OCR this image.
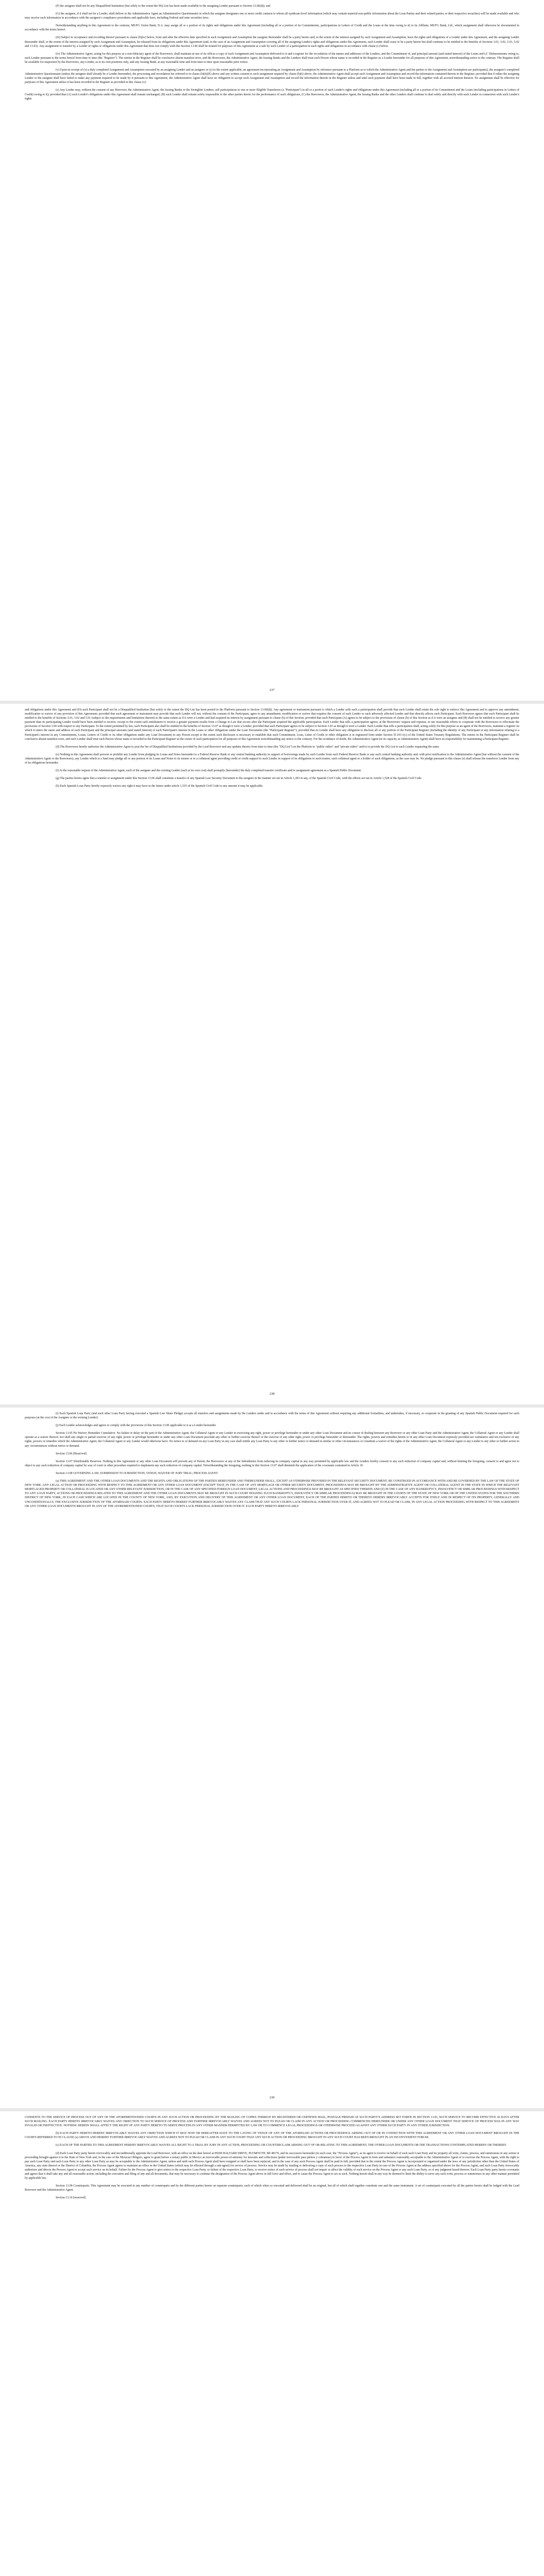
(F) the assignee shall not be any Disqualified Institution (but solely to the extent the DQ List has been made available to the assigning Lender pursuant to Section 13.06(d)); and

(G) the assignee, if it shall not be a Lender, shall deliver to the Administrative Agent an Administrative Questionnaire in which the assignee designates one or more credit contacts to whom all syndicate-level information (which may contain material non-public information about the Loan Parties and their related parties or their respective securities) will be made available and who may receive such information in accordance with the assignee's compliance procedures and applicable laws, including Federal and state securities laws.

Notwithstanding anything in this Agreement to the contrary, MUFG Union Bank, N.A. may assign all or a portion of its rights and obligations under this Agreement (including all or a portion of its Commitments, participations in Letters of Credit and the Loans at the time owing to it) to its Affiliate, MUFG Bank, Ltd., which assignment shall otherwise be documented in accordance with the terms hereof.

(iii) Subject to acceptance and recording thereof pursuant to clause (b)(iv) below, from and after the effective date specified in each Assignment and Assumption the assignee thereunder shall be a party hereto and, to the extent of the interest assigned by such Assignment and Assumption, have the rights and obligations of a Lender under this Agreement, and the assigning Lender thereunder shall, to the extent of the interest assigned by such Assignment and Assumption, be released from its obligations under this Agreement (and, in the case of an Assignment and Assumption covering all of the assigning Lender's rights and obligations under this Agreement, such Lender shall cease to be a party hereto but shall continue to be entitled to the benefits of Sections 3.01, 3.02, 5.01, 5.02 and 13.03). Any assignment or transfer by a Lender of rights or obligations under this Agreement that does not comply with this Section 13.06 shall be treated for purposes of this Agreement as a sale by such Lender of a participation in such rights and obligations in accordance with clause (c) below.

(iv) The Administrative Agent, acting for this purpose as a non-fiduciary agent of the Borrowers, shall maintain at one of its offices a copy of each Assignment and Assumption delivered to it and a register for the recordation of the names and addresses of the Lenders, and the Commitment of, and principal amount (and stated interest) of the Loans and LC Disbursements owing to, each Lender pursuant to the terms hereof from time to time (the "Register"). The entries in the Register shall be conclusive absent manifest error, and the Borrowers, the Administrative Agent, the Issuing Banks and the Lenders shall treat each Person whose name is recorded in the Register as a Lender hereunder for all purposes of this Agreement, notwithstanding notice to the contrary. The Register shall be available for inspection by the Borrowers, any Lender, as to its own positions only, and any Issuing Bank, at any reasonable time and from time to time upon reasonable prior notice.

(v) Upon its receipt of (x) a duly completed Assignment and Assumption executed by an assigning Lender and an assignee or (y) to the extent applicable, an agreement incorporating an Assignment and Assumption by reference pursuant to a Platform as to which the Administrative Agent and the parties to the Assignment and Assumption are participants), the assignee's completed Administrative Questionnaire (unless the assignee shall already be a Lender hereunder), the processing and recordation fee referred to in clause (b)(ii)(E) above and any written consent to such assignment required by clause (b)(i) above, the Administrative Agent shall accept such Assignment and Assumption and record the information contained therein in the Register; provided that if either the assigning Lender or the assignee shall have failed to make any payment required to be made by it pursuant to this Agreement, the Administrative Agent shall have no obligation to accept such Assignment and Assumption and record the information therein in the Register unless and until such payment shall have been made in full, together with all accrued interest thereon. No assignment shall be effective for purposes of this Agreement unless it has been recorded in the Register as provided in this clause (v).

(c) Any Lender may, without the consent of any Borrower, the Administrative Agent, the Issuing Banks or the Swingline Lenders, sell participations to one or more Eligible Transferees (a "Participant") in all or a portion of such Lender's rights and obligations under this Agreement (including all or a portion of its Commitment and the Loans (including participations in Letters of Credit) owing to it); provided that (A) such Lender's obligations under this Agreement shall remain unchanged, (B) such Lender shall remain solely responsible to the other parties hereto for the performance of such obligations, (C) the Borrowers, the Administrative Agent, the Issuing Banks and the other Lenders shall continue to deal solely and directly with such Lender in connection with such Lender's rights

237

and obligations under this Agreement and (D) such Participant shall not be a Disqualified Institution (but solely to the extent the DQ List has been posted to the Platform pursuant to Section 13.06(d)). Any agreement or instrument pursuant to which a Lender sells such a participation shall provide that such Lender shall retain the sole right to enforce this Agreement and to approve any amendment, modification or waiver of any provision of this Agreement; provided that such agreement or instrument may provide that such Lender will not, without the consent of the Participant, agree to any amendment, modification or waiver that requires the consent of each Lender or each adversely affected Lender and that directly affects such Participant. Each Borrower agrees that each Participant shall be entitled to the benefits of Sections 3.01, 3.02 and 5.01 (subject to the requirements and limitations therein) to the same extent as if it were a Lender and had acquired its interest by assignment pursuant to clause (b) of this Section; provided that such Participant (A) agrees to be subject to the provisions of clause (b) of this Section as if it were an assignee and (B) shall not be entitled to receive any greater payment than its participating Lender would have been entitled to receive, except to the extent such entitlement to receive a greater payment results from a Change in Law that occurs after the Participant acquired the applicable participation. Each Lender that sells a participation agrees, at the Borrowers' request and expense, to use reasonable efforts to cooperate with the Borrowers to effectuate the provisions of Section 3.04 with respect to any Participant. To the extent permitted by law, each Participant also shall be entitled to the benefits of Section 13.07 as though it were a Lender; provided that such Participant agrees to be subject to Section 3.03 as though it were a Lender. Each Lender that sells a participation shall, acting solely for this purpose as an agent of the Borrowers, maintain a register on which it enters the name and address of each Participant and the principal amounts (and stated interest) of each Participant's interest in the Loans or other obligations under the Loan Documents (the "Participant Register"); provided that no Lender shall have any obligation to disclose all or any portion of the Participant Register (including the identity of any Participant or any information relating to a Participant's interest in any Commitments, Loans, Letters of Credit or its other obligations under any Loan Document) to any Person except to the extent such disclosure is necessary to establish that such Commitment, Loan, Letter of Credit or other obligation is in registered form under Section 5f.103-1(c) of the United States Treasury Regulations. The entries in the Participant Register shall be conclusive absent manifest error, and such Lender shall treat each Person whose name is recorded in the Participant Register as the owner of such participation for all purposes of this Agreement notwithstanding any notice to the contrary. For the avoidance of doubt, the Administrative Agent (in its capacity as Administrative Agent) shall have no responsibility for maintaining a Participant Register.

(d) The Borrowers hereby authorize the Administrative Agent to post the list of Disqualified Institutions provided by the Lead Borrower and any updates thereto from time to time (the "DQ List") on the Platform to "public siders" and "private siders" and/or to provide the DQ List to each Lender requesting the same.

(e) Nothing in this Agreement shall prevent or prohibit any Lender from pledging its Loans and Notes hereunder to a Federal Reserve Bank or any central banking authority in support of borrowings made by such Lender from such Federal Reserve Bank or any such central banking authority and, with prior notification to the Administrative Agent (but without the consent of the Administrative Agent or the Borrowers), any Lender which is a fund may pledge all or any portion of its Loans and Notes to its trustee or to a collateral agent providing credit or credit support to such Lender in support of its obligations to such trustee, such collateral agent or a holder of such obligations, as the case may be. No pledge pursuant to this clause (e) shall release the transferor Lender from any of its obligations hereunder.

(f) At the reasonable request of the Administrative Agent, each of the assignee and the existing Lender (each at its own cost) shall promptly (hereunder) the duly completed transfer certificate and/or assignment agreement as a Spanish Public Document.

(g) The parties hereto agree that a transfer or assignment under this Section 13.06 shall constitute a transfer of any Spanish Law Security Document to the assignee in the manner set out in Article 1,203 et seq. of the Spanish Civil Code, with the effects set out in Article 1,528 of the Spanish Civil Code.

(h) Each Spanish Loan Party hereby expressly waives any right it may have in the future under article 1,535 of the Spanish Civil Code to any amount it may be applicable.

238

(i) Each Spanish Loan Party (and each other Loan Party having executed a Spanish Law Share Pledge) accepts all transfers and assignments made by the Lenders under and in accordance with the terms of this Agreement without requiring any additional formalities, and undertakes, if necessary, to cooperate in the granting of any Spanish Public Document required for such purposes (at the cost of the Assignee or the existing Lender).

(j) Each Lender acknowledges and agrees to comply with the provisions of this Section 13.06 applicable to it as a Lender hereunder.

Section 13.05 No Waiver; Remedies Cumulative. No failure or delay on the part of the Administrative Agent, the Collateral Agent or any Lender in exercising any right, power or privilege hereunder or under any other Loan Document and no course of dealing between any Borrower or any other Loan Party and the Administrative Agent, the Collateral Agent or any Lender shall operate as a waiver thereof; nor shall any single or partial exercise of any right, power or privilege hereunder or under any other Loan Document preclude any other or further exercise thereof or the exercise of any other right, power or privilege hereunder or thereunder. The rights, powers and remedies herein or in any other Loan Document expressly provided are cumulative and not exclusive of any rights, powers or remedies which the Administrative Agent, the Collateral Agent or any Lender would otherwise have. No notice to or demand on any Loan Party in any case shall entitle any Loan Party to any other or further notice or demand in similar or other circumstances or constitute a waiver of the rights of the Administrative Agent, the Collateral Agent or any Lender to any other or further action in any circumstances without notice or demand.

Section 13.06 [Reserved].

Section 13.07 Distributable Reserves. Nothing in this Agreement or any other Loan Document will prevent any of Parent, the Borrowers or any of the Subsidiaries from reducing its company capital in any way permitted by applicable law and the Lenders hereby consent to any such reduction of company capital and, without limiting the foregoing, consent to and agree not to object to any such reduction of company capital by way of court or other procedure required to implement any such reduction of company capital. Notwithstanding the foregoing, nothing in this Section 13.07 shall diminish the application of the covenants contained in Article 10.

Section 13.08 GOVERNING LAW; SUBMISSION TO JURISDICTION; VENUE; WAIVER OF JURY TRIAL; PROCESS AGENT.

(a) THIS AGREEMENT AND THE OTHER LOAN DOCUMENTS AND THE RIGHTS AND OBLIGATIONS OF THE PARTIES HEREUNDER AND THEREUNDER SHALL, EXCEPT AS OTHERWISE PROVIDED IN THE RELEVANT SECURITY DOCUMENT, BE CONSTRUED IN ACCORDANCE WITH AND BE GOVERNED BY THE LAW OF THE STATE OF NEW YORK. ANY LEGAL ACTION OR PROCEEDING WITH RESPECT TO THIS AGREEMENT OR ANY OTHER LOAN DOCUMENT (EXCEPT THAT, IN THE CASE OF ANY MORTGAGE OR OTHER SECURITY DOCUMENT, PROCEEDINGS MAY BE BROUGHT BY THE ADMINISTRATIVE AGENT OR COLLATERAL AGENT IN THE STATE IN WHICH THE RELEVANT MORTGAGED PROPERTY OR COLLATERAL IS LOCATED OR ANY OTHER RELEVANT JURISDICTION, OR IN THE CASE OF ANY SPECIFIED FOREIGN LOAN DOCUMENT, LEGAL ACTIONS AND PROCEEDINGS MAY BE BROUGHT AS SPECIFIED THEREIN AND (Z) IN THE CASE OF ANY BANKRUPTCY, INSOLVENCY OR SIMILAR PROCEEDINGS WITH RESPECT TO ANY LOAN PARTY, ACTIONS OR PROCEEDINGS RELATED TO THIS AGREEMENT AND THE OTHER LOAN DOCUMENTS MAY BE BROUGHT IN SUCH COURT HOLDING SUCH BANKRUPTCY, INSOLVENCY OR SIMILAR PROCEEDINGS) MAY BE BROUGHT IN THE COURTS OF THE STATE OF NEW YORK OR OF THE UNITED STATES FOR THE SOUTHERN DISTRICT OF NEW YORK, IN EACH CASE WHICH ARE LOCATED IN THE COUNTY OF NEW YORK, AND, BY EXECUTION AND DELIVERY OF THIS AGREEMENT OR ANY OTHER LOAN DOCUMENT, EACH OF THE PARTIES HERETO OR THERETO HEREBY IRREVOCABLY ACCEPTS FOR ITSELF AND IN RESPECT OF ITS PROPERTY, GENERALLY AND UNCONDITIONALLY, THE EXCLUSIVE JURISDICTION OF THE AFORESAID COURTS. EACH PARTY HERETO HEREBY FURTHER IRREVOCABLY WAIVES ANY CLAIM THAT ANY SUCH COURTS LACK PERSONAL JURISDICTION OVER IT, AND AGREES NOT TO PLEAD OR CLAIM, IN ANY LEGAL ACTION PROCEEDING WITH RESPECT TO THIS AGREEMENT OR ANY OTHER LOAN DOCUMENTS BROUGHT IN ANY OF THE AFOREMENTIONED COURTS, THAT SUCH COURTS LACK PERSONAL JURISDICTION OVER IT. EACH PARTY HERETO IRREVOCABLY

239

CONSENTS TO THE SERVICE OF PROCESS OUT OF ANY OF THE AFOREMENTIONED COURTS IN ANY SUCH ACTION OR PROCEEDING BY THE MAILING OF COPIES THEREOF BY REGISTERED OR CERTIFIED MAIL, POSTAGE PREPAID AT SUCH PARTY'S ADDRESS SET FORTH IN SECTION 13.03, SUCH SERVICE TO BECOME EFFECTIVE 30 DAYS AFTER SUCH MAILING. EACH PARTY HERETO IRREVOCABLY WAIVES ANY OBJECTION TO SUCH SERVICE OF PROCESS AND FURTHER IRREVOCABLY WAIVES AND AGREES NOT TO PLEAD OR CLAIM IN ANY ACTION OR PROCEEDING COMMENCED HEREUNDER OR UNDER ANY OTHER LOAN DOCUMENT THAT SERVICE OF PROCESS WAS IN ANY WAY INVALID OR INEFFECTIVE. NOTHING HEREIN SHALL AFFECT THE RIGHT OF ANY PARTY HERETO TO SERVE PROCESS IN ANY OTHER MANNER PERMITTED BY LAW OR TO COMMENCE LEGAL PROCEEDINGS OR OTHERWISE PROCEED AGAINST ANY OTHER SUCH PARTY IN ANY OTHER JURISDICTION.

(b) EACH PARTY HERETO HEREBY IRREVOCABLY WAIVES ANY OBJECTION WHICH IT MAY NOW OR HEREAFTER HAVE TO THE LAYING OF VENUE OF ANY OF THE AFORESAID ACTIONS OR PROCEEDINGS ARISING OUT OF OR IN CONNECTION WITH THIS AGREEMENT OR ANY OTHER LOAN DOCUMENT BROUGHT IN THE COURTS REFERRED TO IN CLAUSE (a) ABOVE AND HEREBY FURTHER IRREVOCABLY WAIVES AND AGREES NOT TO PLEAD OR CLAIM IN ANY SUCH COURT THAT ANY SUCH ACTION OR PROCEEDING BROUGHT IN ANY SUCH COURT HAS BEEN BROUGHT IN AN INCONVENIENT FORUM.

(c) EACH OF THE PARTIES TO THIS AGREEMENT HEREBY IRREVOCABLY WAIVES ALL RIGHT TO A TRIAL BY JURY IN ANY ACTION, PROCEEDING OR COUNTERCLAIM ARISING OUT OF OR RELATING TO THIS AGREEMENT, THE OTHER LOAN DOCUMENTS OR THE TRANSACTIONS CONTEMPLATED HEREBY OR THEREBY.

(d) Each Loan Party party hereto irrevocably and unconditionally appoints the Lead Borrower, with an office on the date hereof at #9200 HALYARD DRIVE, PLYMOUTH, MI 48170, and its successors hereunder (in such case, the "Process Agent"), as its agent to receive on behalf of each such Loan Party and its property all writs, claims, process, and summonses in any action or proceeding brought against it in the State of New York and, in the case of the Mexican Obligors, agree to grant before a notary public in Mexico an irrevocable power-of-attorney for lawsuits and collections (poder irrevocable para pleitos y cobranzas) in favor of the Process Agent in form and substance reasonably acceptable to the Administrative Agent or to exercise the Process Agent, with the right to pay each Loan Party and each Loan Party to any other Loan Party as may be acceptable to the Administrative Agent, unless and until such Process Agent shall have resigned or shall have been replaced, and in the case of any such Process Agent shall be paid in full; provided that to the extent the Process Agent is incorporated or organized under the laws of any jurisdiction other than the United States of America, any state thereof or the District of Columbia, the Process Agent agrees to maintain an office in the United States (which may be effected through a sub-agent) for service of process. Service may be made by mailing or delivering a copy of such process to the respective Loan Party in care of the Process Agent at the address specified above for the Process Agent, and such Loan Party irrevocably authorizes and directs the Process Agent to accept such service on its behalf. Failure by the Process Agent to give notice to the respective Loan Party, or failure of the respective Loan Party, to receive notice of such service of process shall not impair or affect the validity of such service on the Process Agent or any such Loan Party, or of any judgment based thereon. Each Loan Party party hereto covenants and agrees that it shall take any and all reasonable action, including the execution and filing of any and all documents, that may be necessary to continue the designation of the Process Agent above in full force and effect, and to cause the Process Agent to act as such. Nothing herein shall in any way be deemed to limit the ability to serve any such writs, process or summonses in any other manner permitted by applicable law.

Section 13.09 Counterparts. This Agreement may be executed in any number of counterparts and by the different parties hereto on separate counterparts, each of which when so executed and delivered shall be an original, but all of which shall together constitute one and the same instrument. A set of counterparts executed by all the parties hereto shall be lodged with the Lead Borrower and the Administrative Agent.

Section 13.10 [reserved].
